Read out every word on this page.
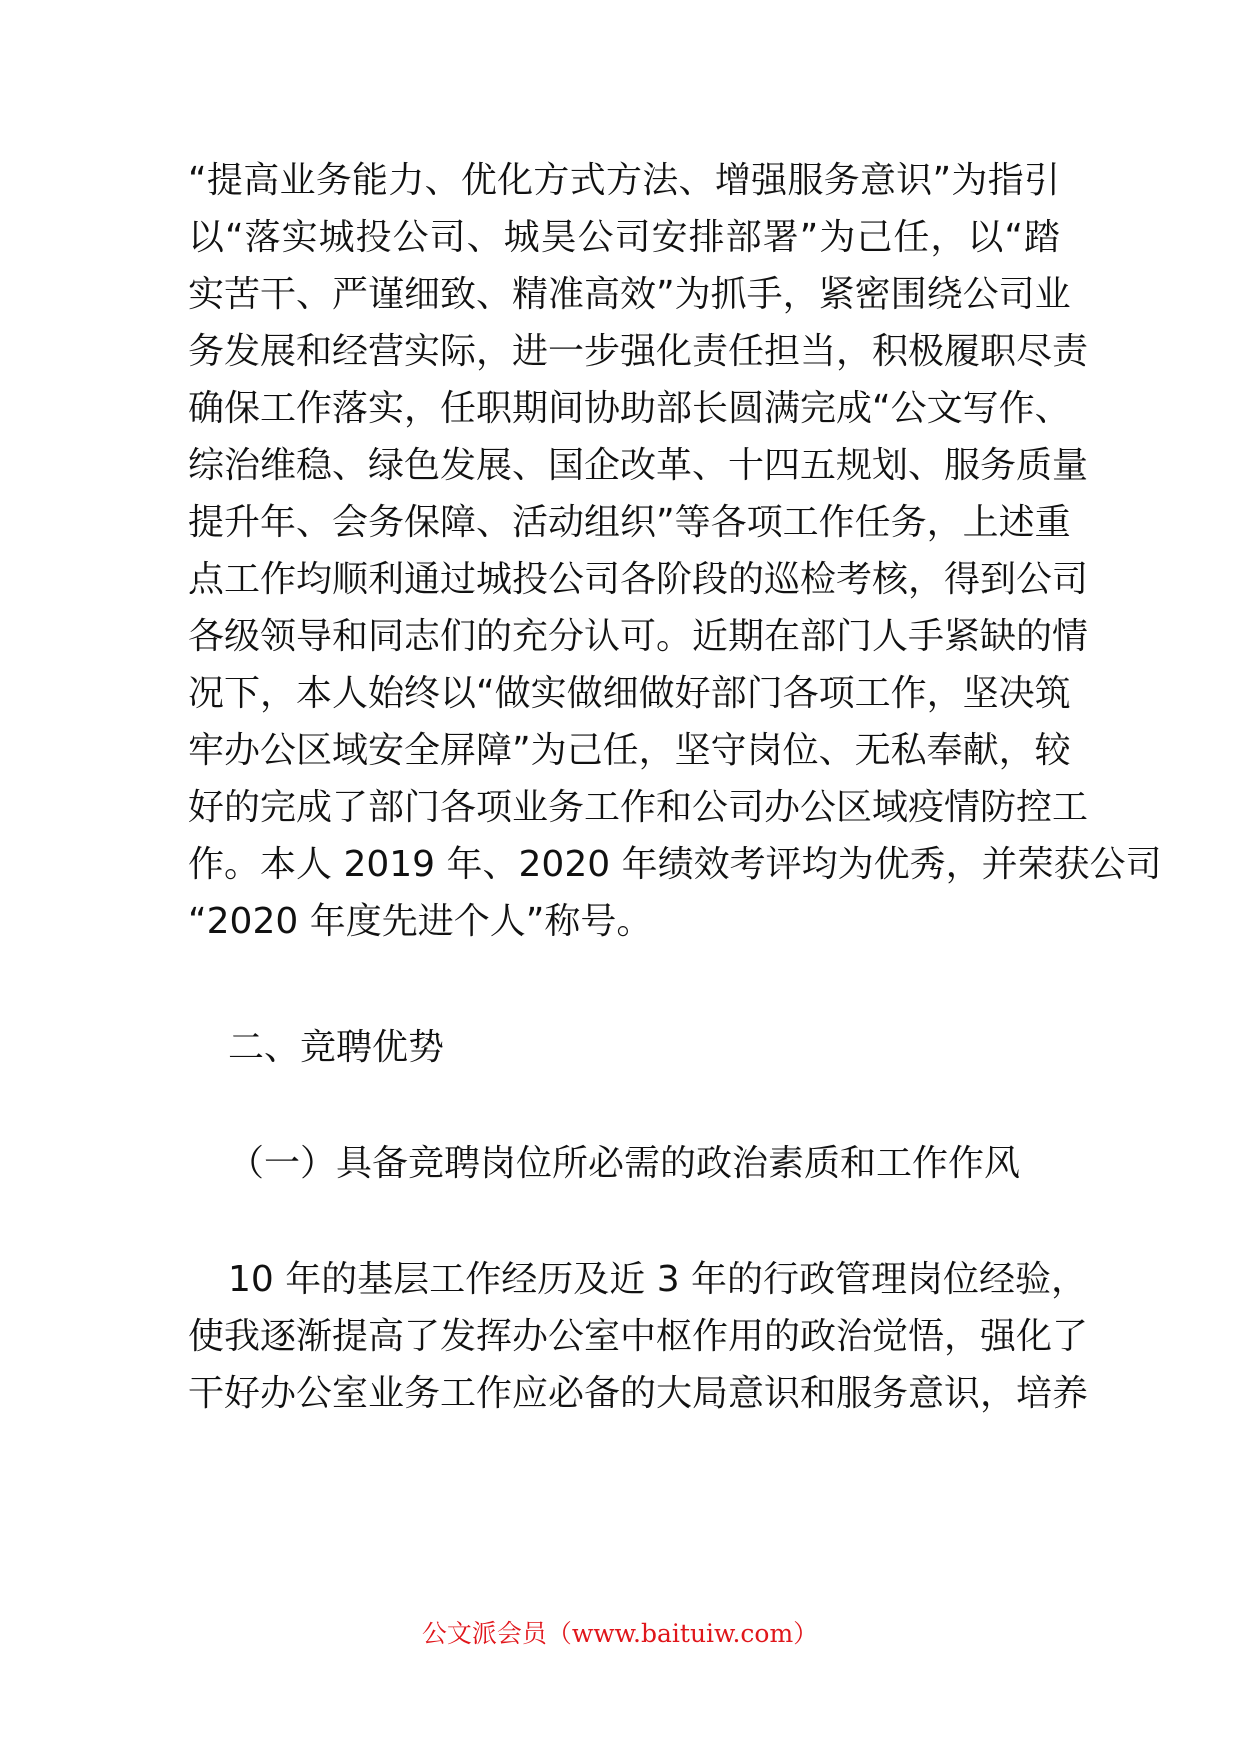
“提高业务能力、优化方式方法、增强服务意识”为指引
以“落实城投公司、城昊公司安排部署”为己任，以“踏
实苦干、严谨细致、精准高效”为抓手，紧密围绕公司业
务发展和经营实际，进一步强化责任担当，积极履职尽责
确保工作落实，任职期间协助部长圆满完成“公文写作、
综治维稳、绿色发展、国企改革、十四五规划、服务质量
提升年、会务保障、活动组织”等各项工作任务，上述重
点工作均顺利通过城投公司各阶段的巡检考核，得到公司
各级领导和同志们的充分认可。近期在部门人手紧缺的情
况下，本人始终以“做实做细做好部门各项工作，坚决筑
牢办公区域安全屏障”为己任，坚守岗位、无私奉献，较
好的完成了部门各项业务工作和公司办公区域疫情防控工
作。本人 2019 年、2020 年绩效考评均为优秀，并荣获公司
“2020 年度先进个人”称号。
二、竞聘优势
（一）具备竞聘岗位所必需的政治素质和工作作风
10 年的基层工作经历及近 3 年的行政管理岗位经验，
使我逐渐提高了发挥办公室中枢作用的政治觉悟，强化了
干好办公室业务工作应必备的大局意识和服务意识，培养
公文派会员（www.baituiw.com）
